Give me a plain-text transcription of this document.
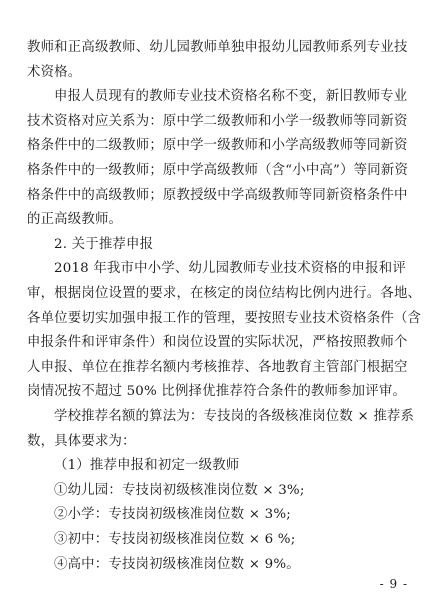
教师和正高级教师、幼儿园教师单独申报幼儿园教师系列专业技
术资格。
申报人员现有的教师专业技术资格名称不变，新旧教师专业
技术资格对应关系为：原中学二级教师和小学一级教师等同新资
格条件中的二级教师；原中学一级教师和小学高级教师等同新资
格条件中的一级教师；原中学高级教师（含“小中高”）等同新资
格条件中的高级教师；原教授级中学高级教师等同新资格条件中
的正高级教师。
2. 关于推荐申报
2018 年我市中小学、幼儿园教师专业技术资格的申报和评
审，根据岗位设置的要求，在核定的岗位结构比例内进行。各地、
各单位要切实加强申报工作的管理，要按照专业技术资格条件（含
申报条件和评审条件）和岗位设置的实际状况，严格按照教师个
人申报、单位在推荐名额内考核推荐、各地教育主管部门根据空
岗情况按不超过 50% 比例择优推荐符合条件的教师参加评审。
学校推荐名额的算法为：专技岗的各级核准岗位数 × 推荐系
数，具体要求为：
（1）推荐申报和初定一级教师
①幼儿园：专技岗初级核准岗位数 × 3%;
②小学：专技岗初级核准岗位数 × 3%;
③初中：专技岗初级核准岗位数 × 6 %;
④高中：专技岗初级核准岗位数 × 9%。
- 9 -
